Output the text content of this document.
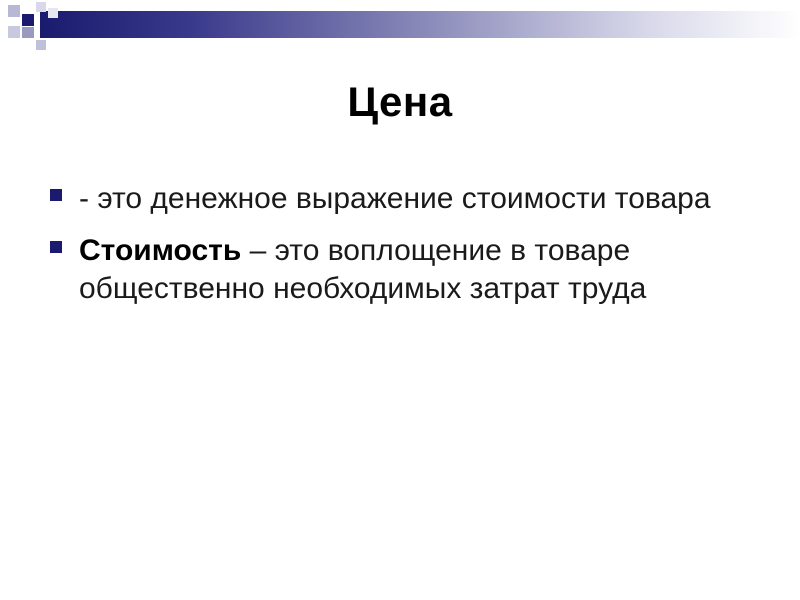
Цена
- это денежное выражение стоимости товара
Стоимость – это воплощение в товаре общественно необходимых затрат труда
